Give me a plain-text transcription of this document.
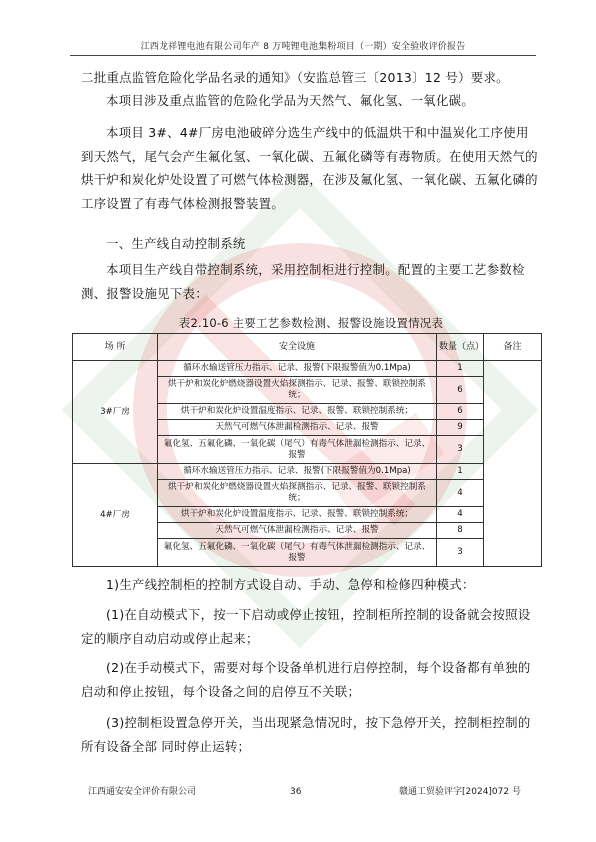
江西龙祥锂电池有限公司年产 8 万吨锂电池集粉项目（一期）安全验收评价报告
二批重点监管危险化学品名录的通知》（安监总管三〔2013〕12 号）要求。
本项目涉及重点监管的危险化学品为天然气、氟化氢、一氧化碳。
本项目 3#、4#厂房电池破碎分选生产线中的低温烘干和中温炭化工序使用到天然气，尾气会产生氟化氢、一氧化碳、五氟化磷等有毒物质。在使用天然气的烘干炉和炭化炉处设置了可燃气体检测器，在涉及氟化氢、一氧化碳、五氟化磷的工序设置了有毒气体检测报警装置。
一、生产线自动控制系统
本项目生产线自带控制系统，采用控制柜进行控制。配置的主要工艺参数检测、报警设施见下表：
表2.10-6 主要工艺参数检测、报警设施设置情况表
场 所	安全设施	数量（点）	备注
3#厂房	循环水输送管压力指示、记录、报警(下限报警值为0.1Mpa)	1	
	烘干炉和炭化炉燃烧器设置火焰探测指示、记录、报警、联锁控制系统；	6	
	烘干炉和炭化炉设置温度指示、记录、报警、联锁控制系统；	6	
	天然气可燃气体泄漏检测指示、记录、报警	9	
	氟化氢、五氟化磷、一氧化碳（尾气）有毒气体泄漏检测指示、记录、报警	3	
4#厂房	循环水输送管压力指示、记录、报警(下限报警值为0.1Mpa)	1	
	烘干炉和炭化炉燃烧器设置火焰探测指示、记录、报警、联锁控制系统；	4	
	烘干炉和炭化炉设置温度指示、记录、报警、联锁控制系统；	4	
	天然气可燃气体泄漏检测指示、记录、报警	8	
	氟化氢、五氟化磷、一氧化碳（尾气）有毒气体泄漏检测指示、记录、报警	3	
1)生产线控制柜的控制方式设自动、手动、急停和检修四种模式：
(1)在自动模式下，按一下启动或停止按钮，控制柜所控制的设备就会按照设定的顺序自动启动或停止起来；
(2)在手动模式下，需要对每个设备单机进行启停控制，每个设备都有单独的启动和停止按钮，每个设备之间的启停互不关联；
(3)控制柜设置急停开关，当出现紧急情况时，按下急停开关，控制柜控制的所有设备全部 同时停止运转；
江西通安安全评价有限公司	36	赣通工贸验评字[2024]072 号
